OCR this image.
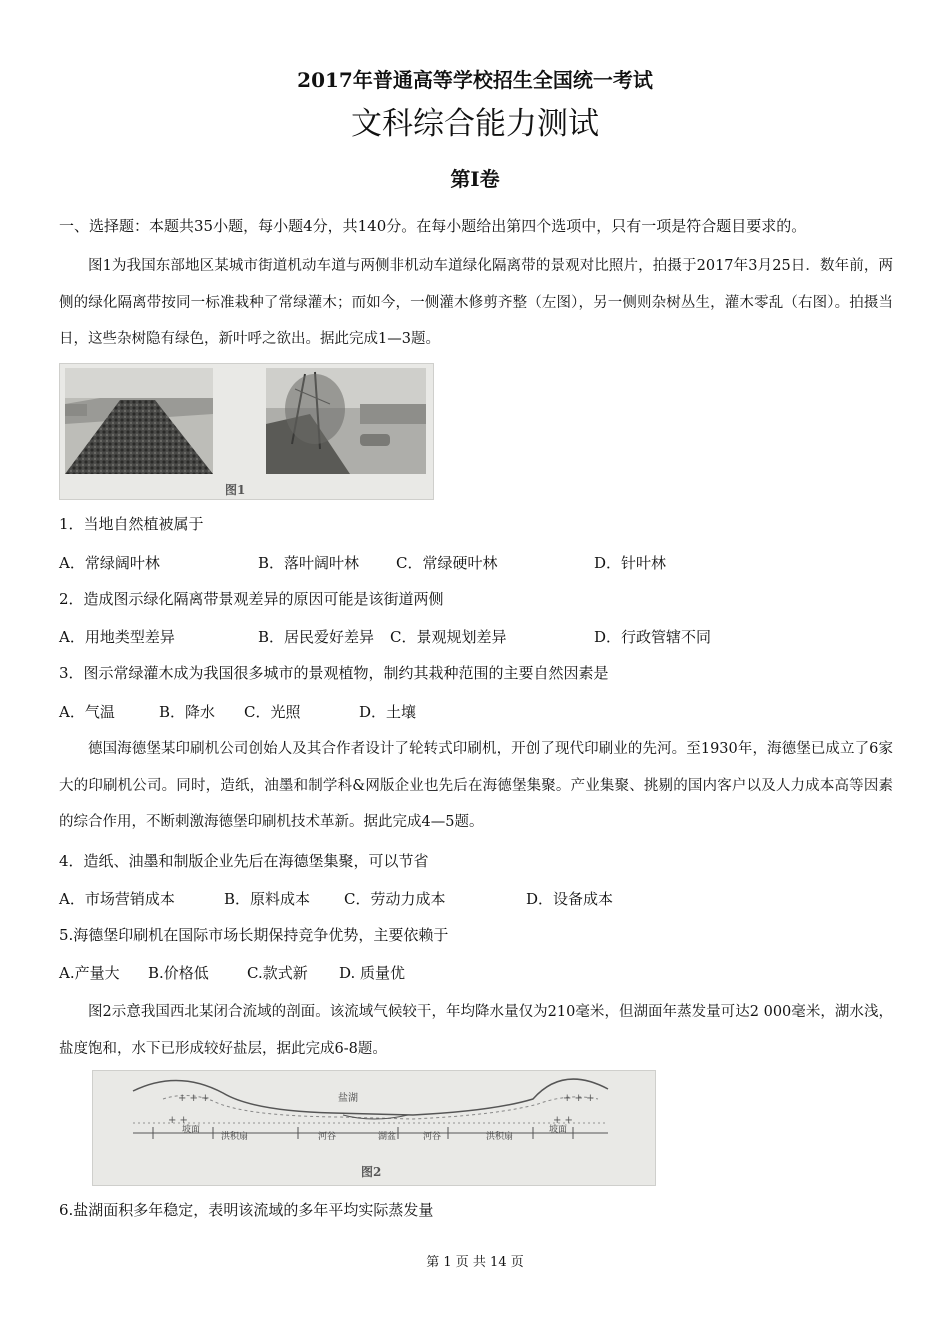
2017年普通高等学校招生全国统一考试
文科综合能力测试
第Ⅰ卷
一、选择题：本题共35小题，每小题4分，共140分。在每小题给出第四个选项中，只有一项是符合题目要求的。
图1为我国东部地区某城市街道机动车道与两侧非机动车道绿化隔离带的景观对比照片，拍摄于2017年3月25日．数年前，两侧的绿化隔离带按同一标准栽种了常绿灌木；而如今，一侧灌木修剪齐整（左图），另一侧则杂树丛生，灌木零乱（右图）。拍摄当日，这些杂树隐有绿色，新叶呼之欲出。据此完成1—3题。
图1
1．当地自然植被属于
A．常绿阔叶林	B．落叶阔叶林 C．常绿硬叶林	D．针叶林
2．造成图示绿化隔离带景观差异的原因可能是该街道两侧
A．用地类型差异	B．居民爱好差异 C．景观规划差异	D．行政管辖不同
3．图示常绿灌木成为我国很多城市的景观植物，制约其栽种范围的主要自然因素是
A．气温	B．降水 C．光照	D．土壤
德国海德堡某印刷机公司创始人及其合作者设计了轮转式印刷机，开创了现代印刷业的先河。至1930年，海德堡已成立了6家大的印刷机公司。同时，造纸，油墨和制学科&网版企业也先后在海德堡集聚。产业集聚、挑剔的国内客户以及人力成本高等因素的综合作用，不断刺激海德堡印刷机技术革新。据此完成4—5题。
4．造纸、油墨和制版企业先后在海德堡集聚，可以节省
A．市场营销成本	B．原料成本 C．劳动力成本	D．设备成本
5.海德堡印刷机在国际市场长期保持竞争优势，主要依赖于
A.产量大 B.价格低	C.款式新 D. 质量优
图2示意我国西北某闭合流域的剖面。该流域气候较干，年均降水量仅为210毫米，但湖面年蒸发量可达2 000毫米，湖水浅，盐度饱和，水下已形成较好盐层，据此完成6-8题。
+ + +	+ + +
+ +
+ +
盐湖
坡面
洪积扇	河谷	湖盆	河谷	洪积扇
坡面
图2
6.盐湖面积多年稳定，表明该流域的多年平均实际蒸发量
第 1 页 共 14 页
